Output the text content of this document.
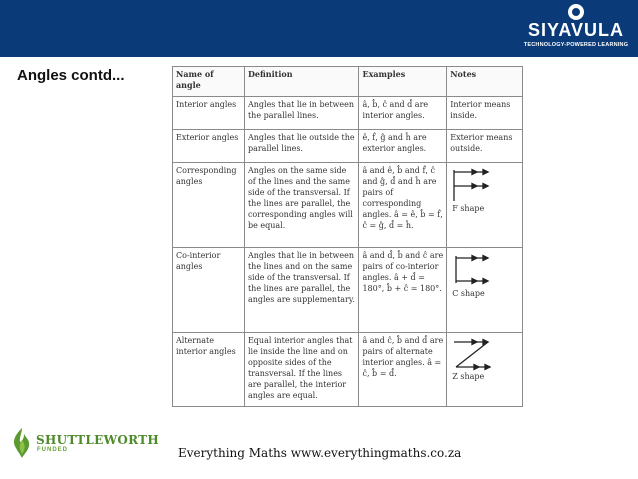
SIYAVULA
TECHNOLOGY-POWERED LEARNING
Angles contd...	Name of angle	Definition	Examples	Notes
Interior angles	Angles that lie in between the parallel lines.	â, b̂, ĉ and d̂ are interior angles.	Interior means inside.
Exterior angles	Angles that lie outside the parallel lines.	ê, f̂, ĝ and ĥ are exterior angles.	Exterior means outside.
Corresponding angles	Angles on the same side of the lines and the same side of the transversal. If the lines are parallel, the corresponding angles will be equal.	â and ê, b̂ and f̂, ĉ and ĝ, d̂ and ĥ are pairs of corresponding angles. â = ê, b̂ = f̂, ĉ = ĝ, d̂ = ĥ.	F shape

Co-interior angles	Angles that lie in between the lines and on the same side of the transversal. If the lines are parallel, the angles are supplementary.	â and d̂, b̂ and ĉ are pairs of co-interior angles. â + d̂ = 180°, b̂ + ĉ = 180°.	C shape

Alternate interior angles	Equal interior angles that lie inside the line and on opposite sides of the transversal. If the lines are parallel, the interior angles are equal.	â and ĉ, b̂ and d̂ are pairs of alternate interior angles. â = ĉ, b̂ = d̂.	Z shape
SHUTTLEWORTH
FUNDED	Everything Maths www.everythingmaths.co.za
